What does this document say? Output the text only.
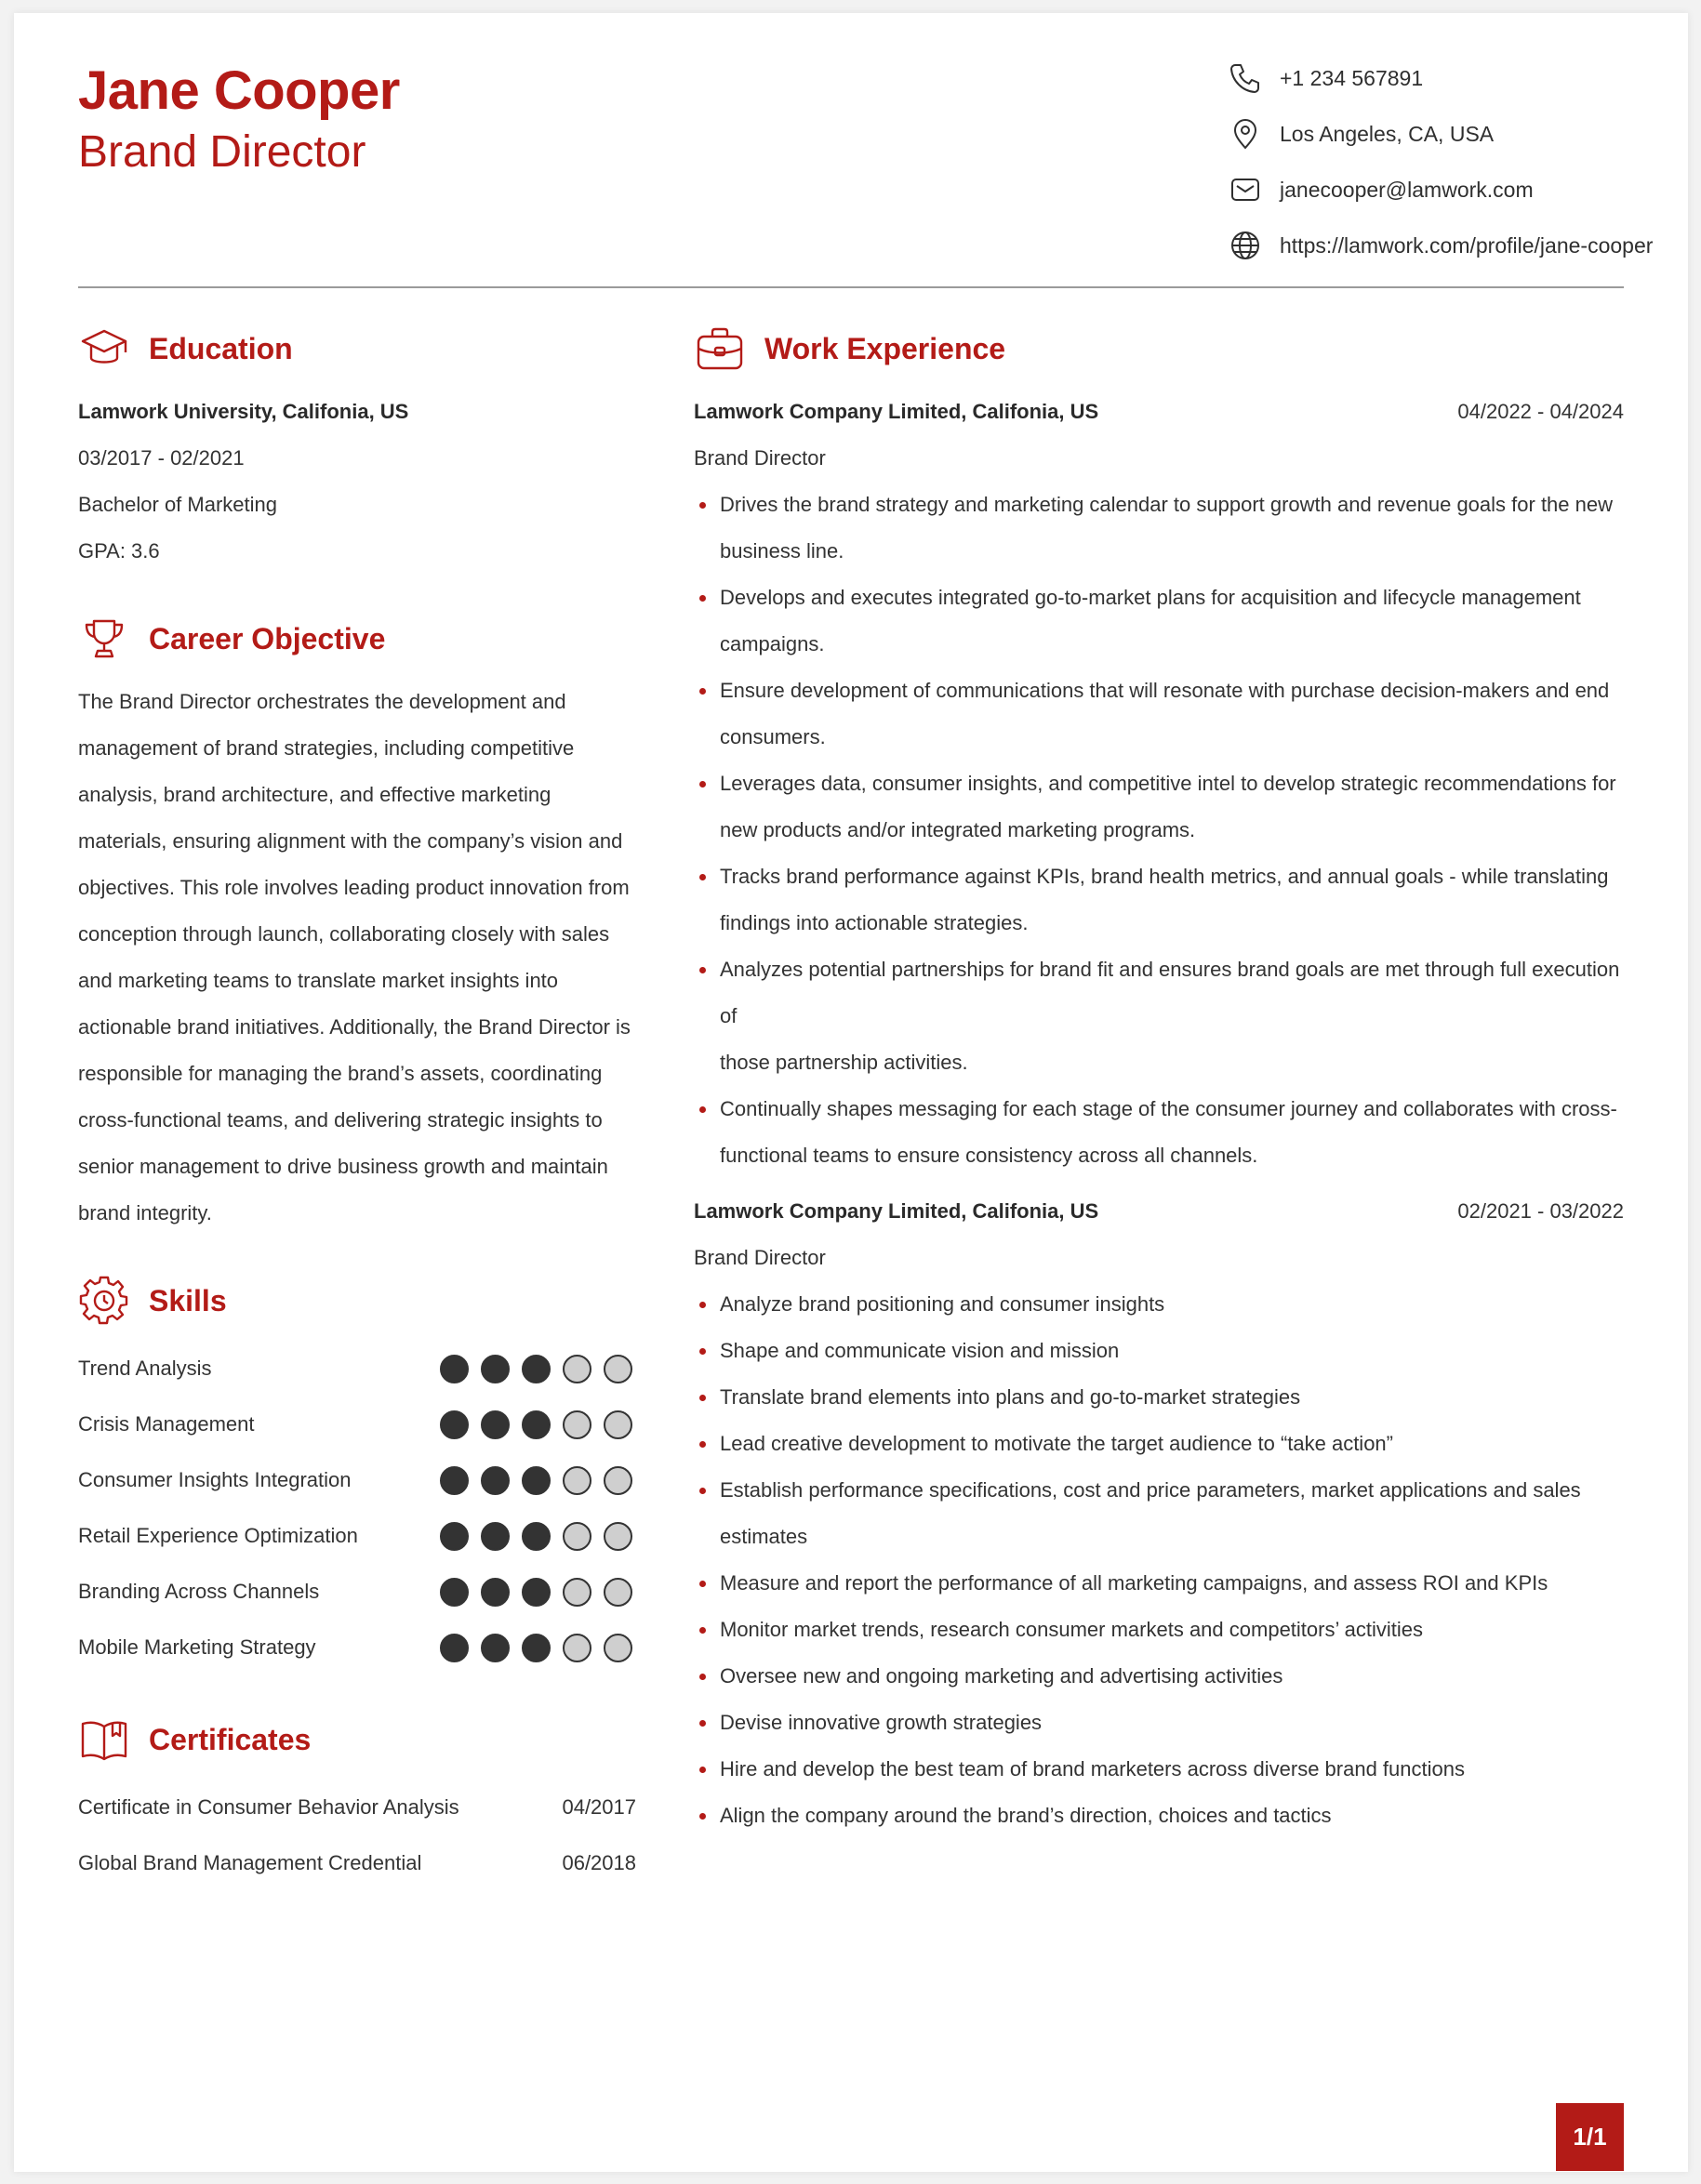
Jane Cooper
Brand Director
+1 234 567891
Los Angeles, CA, USA
janecooper@lamwork.com
https://lamwork.com/profile/jane-cooper
Education
Lamwork University, Califonia, US
03/2017 - 02/2021
Bachelor of Marketing
GPA: 3.6
Career Objective
The Brand Director orchestrates the development and
management of brand strategies, including competitive
analysis, brand architecture, and effective marketing
materials, ensuring alignment with the company’s vision and
objectives. This role involves leading product innovation from
conception through launch, collaborating closely with sales
and marketing teams to translate market insights into
actionable brand initiatives. Additionally, the Brand Director is
responsible for managing the brand’s assets, coordinating
cross-functional teams, and delivering strategic insights to
senior management to drive business growth and maintain
brand integrity.
Skills
Trend Analysis
Crisis Management
Consumer Insights Integration
Retail Experience Optimization
Branding Across Channels
Mobile Marketing Strategy
Certificates
Certificate in Consumer Behavior Analysis	04/2017
Global Brand Management Credential	06/2018
Work Experience
Lamwork Company Limited, Califonia, US	04/2022 - 04/2024
Brand Director
Drives the brand strategy and marketing calendar to support growth and revenue goals for the new
business line.
Develops and executes integrated go-to-market plans for acquisition and lifecycle management
campaigns.
Ensure development of communications that will resonate with purchase decision-makers and end
consumers.
Leverages data, consumer insights, and competitive intel to develop strategic recommendations for
new products and/or integrated marketing programs.
Tracks brand performance against KPIs, brand health metrics, and annual goals - while translating
findings into actionable strategies.
Analyzes potential partnerships for brand fit and ensures brand goals are met through full execution of
those partnership activities.
Continually shapes messaging for each stage of the consumer journey and collaborates with cross-
functional teams to ensure consistency across all channels.
Lamwork Company Limited, Califonia, US	02/2021 - 03/2022
Brand Director
Analyze brand positioning and consumer insights
Shape and communicate vision and mission
Translate brand elements into plans and go-to-market strategies
Lead creative development to motivate the target audience to “take action”
Establish performance specifications, cost and price parameters, market applications and sales
estimates
Measure and report the performance of all marketing campaigns, and assess ROI and KPIs
Monitor market trends, research consumer markets and competitors’ activities
Oversee new and ongoing marketing and advertising activities
Devise innovative growth strategies
Hire and develop the best team of brand marketers across diverse brand functions
Align the company around the brand’s direction, choices and tactics
1/1
